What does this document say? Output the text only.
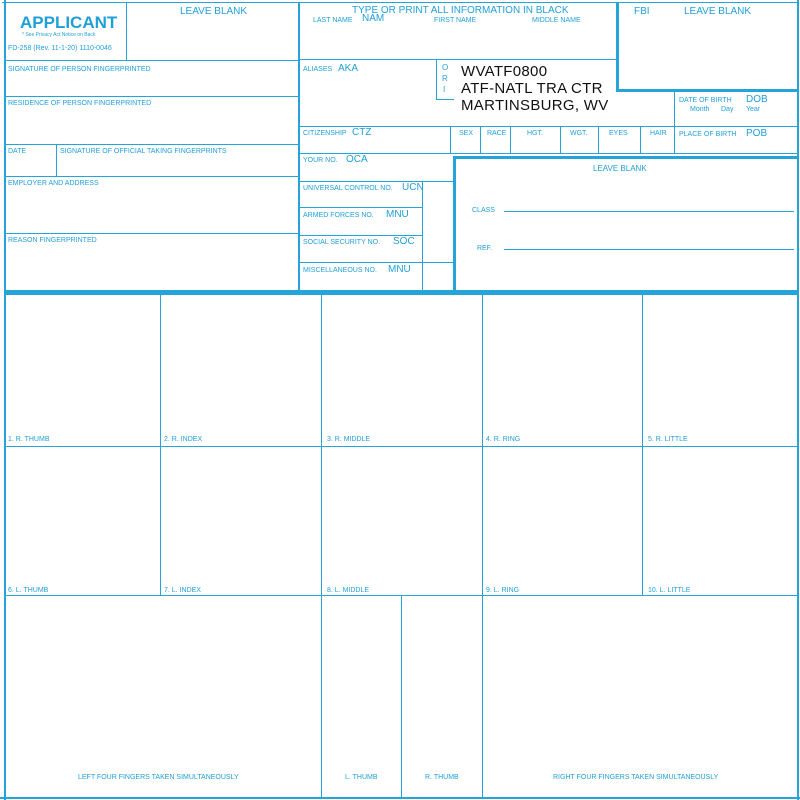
APPLICANT
* See Privacy Act Notice on Back
FD-258 (Rev. 11-1-20) 1110-0046
LEAVE BLANK	TYPE OR PRINT ALL INFORMATION IN BLACK	FBI	LEAVE BLANK
LAST NAME NAM	FIRST NAME	MIDDLE NAME
SIGNATURE OF PERSON FINGERPRINTED
RESIDENCE OF PERSON FINGERPRINTED
DATE	SIGNATURE OF OFFICIAL TAKING FINGERPRINTS
EMPLOYER AND ADDRESS
REASON FINGERPRINTED
ALIASES AKA
CITIZENSHIP CTZ
YOUR NO. OCA
UNIVERSAL CONTROL NO. UCN
ARMED FORCES NO. MNU
SOCIAL SECURITY NO. SOC
MISCELLANEOUS NO. MNU
O
R
I
WVATF0800
ATF-NATL TRA CTR
MARTINSBURG, WV	DATE OF BIRTH DOB
Month Day Year
SEX RACE	HGT.	WGT.	EYES	HAIR PLACE OF BIRTH POB
LEAVE BLANK
CLASS
REF.
1. R. THUMB	2. R. INDEX	3. R. MIDDLE	4. R. RING	5. R. LITTLE
6. L. THUMB	7. L. INDEX	8. L. MIDDLE	9. L. RING	10. L. LITTLE
LEFT FOUR FINGERS TAKEN SIMULTANEOUSLY	L. THUMB	R. THUMB	RIGHT FOUR FINGERS TAKEN SIMULTANEOUSLY
